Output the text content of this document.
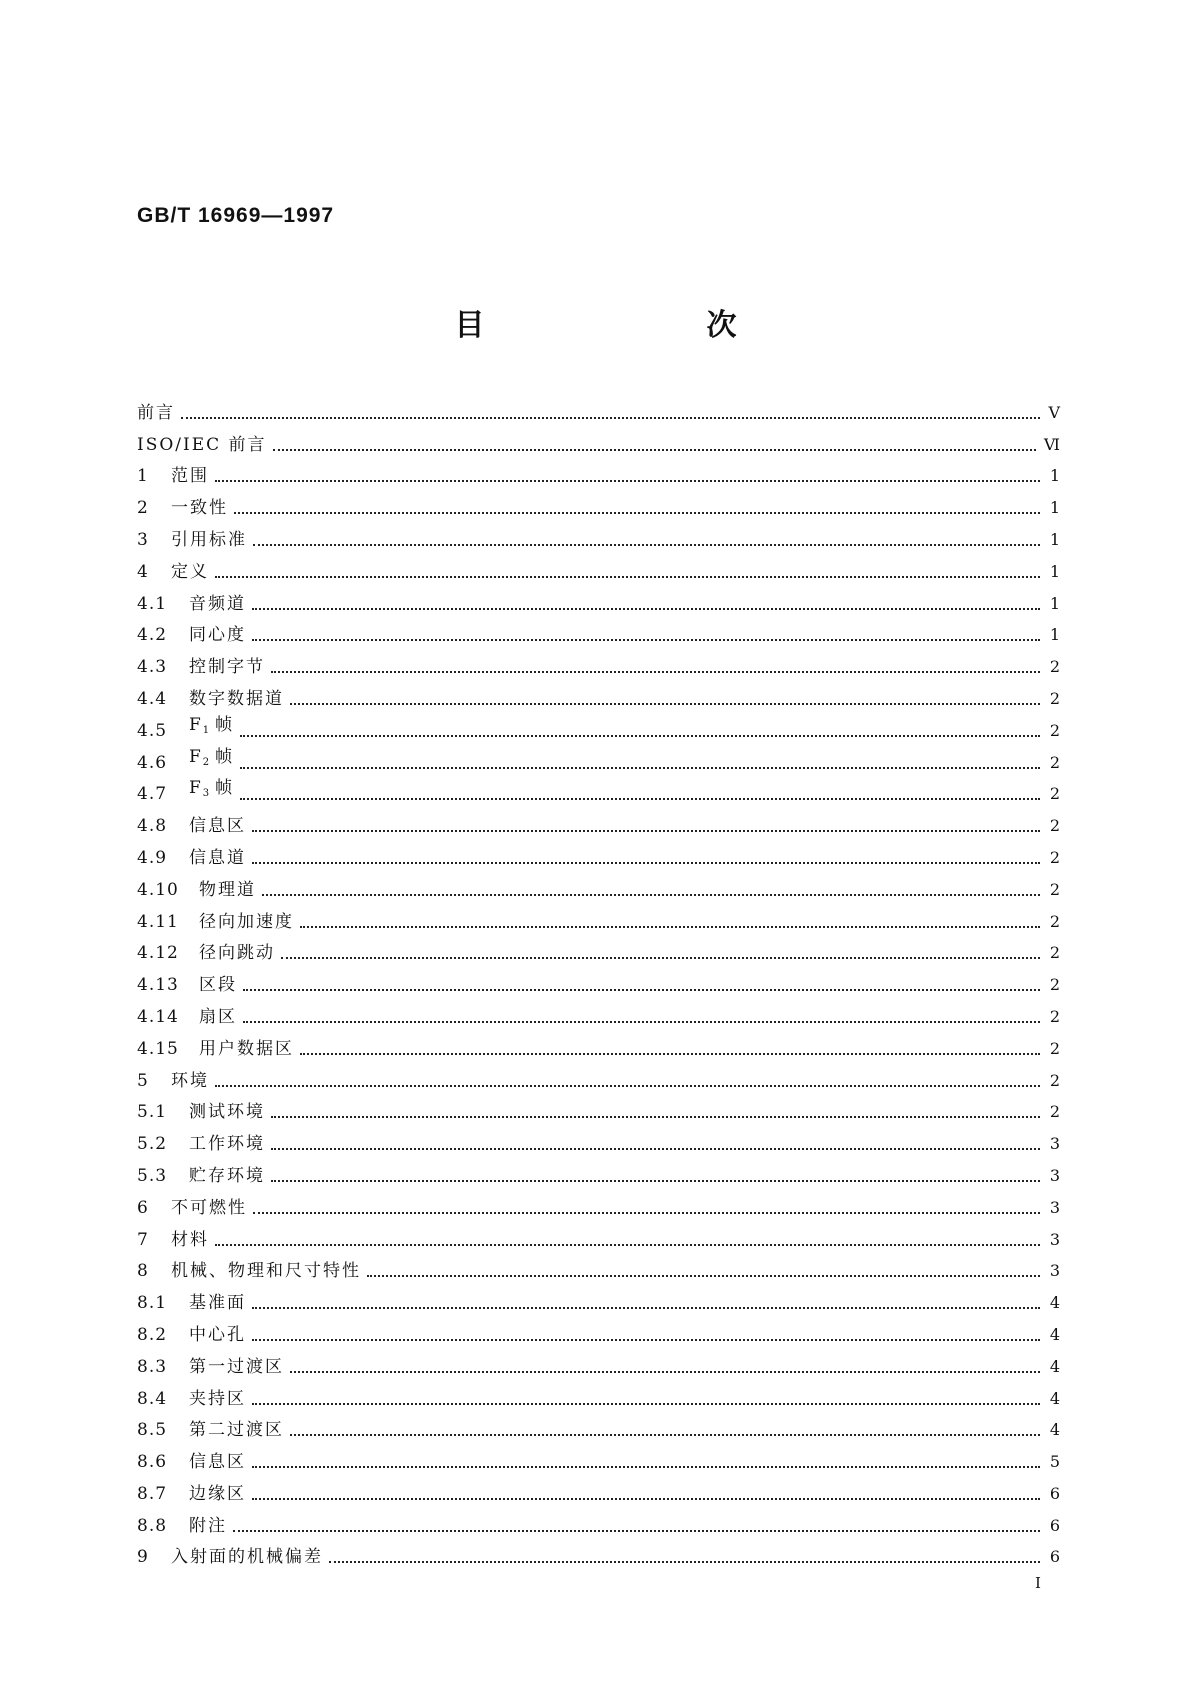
GB/T 16969—1997
目　次
前言	Ⅴ
ISO/IEC 前言	Ⅵ
1	范围	1
2	一致性	1
3	引用标准	1
4	定义	1
4.1	音频道	1
4.2	同心度	1
4.3	控制字节	2
4.4	数字数据道	2
4.5	F1 帧	2
4.6	F2 帧	2
4.7	F3 帧	2
4.8	信息区	2
4.9	信息道	2
4.10	物理道	2
4.11	径向加速度	2
4.12	径向跳动	2
4.13	区段	2
4.14	扇区	2
4.15	用户数据区	2
5	环境	2
5.1	测试环境	2
5.2	工作环境	3
5.3	贮存环境	3
6	不可燃性	3
7	材料	3
8	机械、物理和尺寸特性	3
8.1	基准面	4
8.2	中心孔	4
8.3	第一过渡区	4
8.4	夹持区	4
8.5	第二过渡区	4
8.6	信息区	5
8.7	边缘区	6
8.8	附注	6
9	入射面的机械偏差	6
I
